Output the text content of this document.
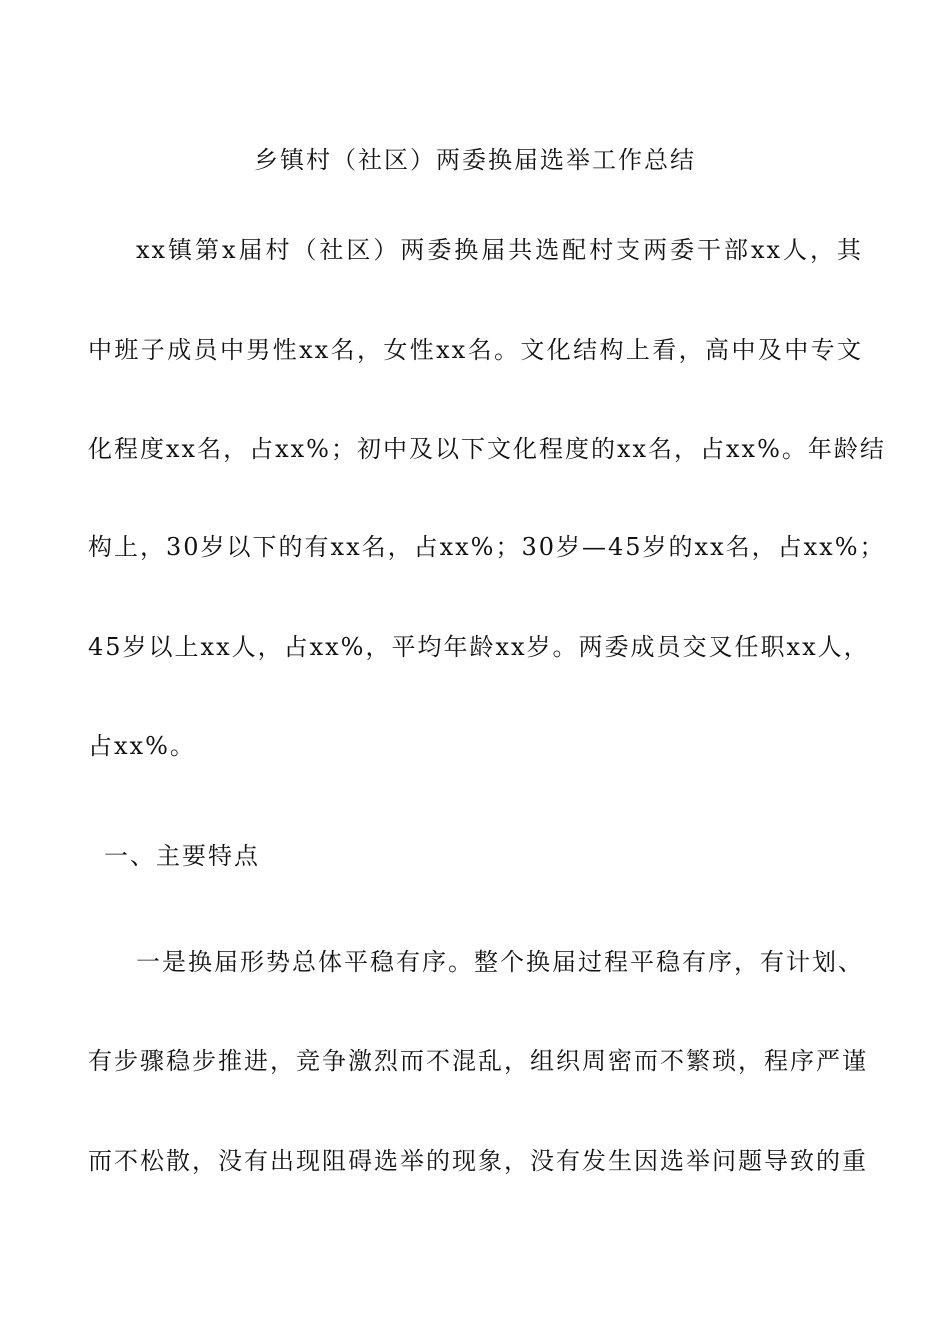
乡镇村（社区）两委换届选举工作总结
xx镇第x届村（社区）两委换届共选配村支两委干部xx人，其
中班子成员中男性xx名，女性xx名。文化结构上看，高中及中专文
化程度xx名，占xx%；初中及以下文化程度的xx名，占xx%。年龄结
构上，30岁以下的有xx名，占xx%；30岁—45岁的xx名，占xx%；
45岁以上xx人，占xx%，平均年龄xx岁。两委成员交叉任职xx人，
占xx%。
一、主要特点
一是换届形势总体平稳有序。整个换届过程平稳有序，有计划、
有步骤稳步推进，竞争激烈而不混乱，组织周密而不繁琐，程序严谨
而不松散，没有出现阻碍选举的现象，没有发生因选举问题导致的重
